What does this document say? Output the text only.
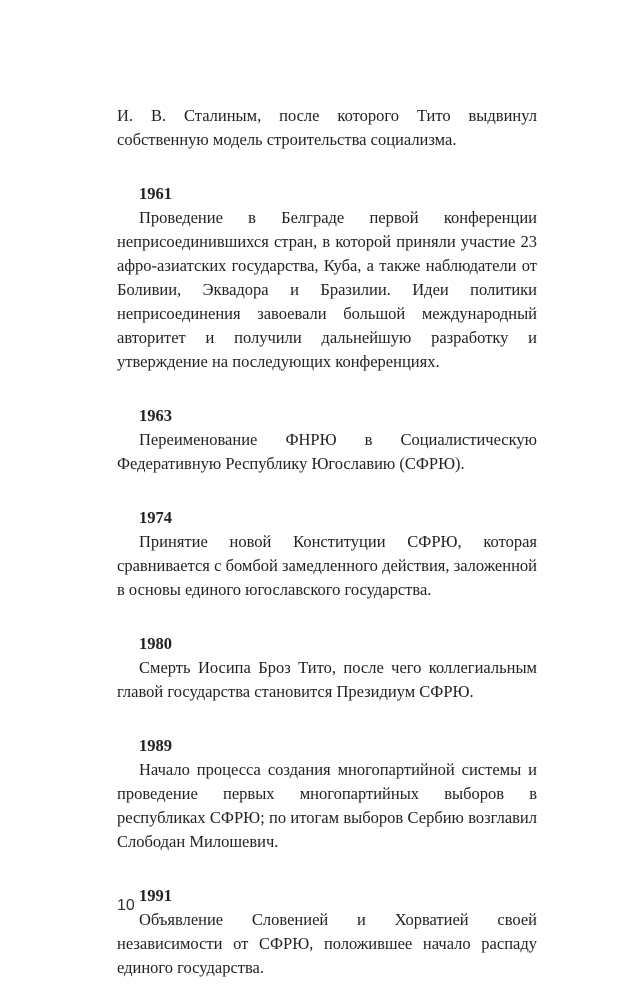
И. В. Сталиным, после которого Тито выдвинул собственную модель строительства социализма.

1961

Проведение в Белграде первой конференции неприсоединившихся стран, в которой приняли участие 23 афро-азиатских государства, Куба, а также наблюдатели от Боливии, Эквадора и Бразилии. Идеи политики неприсоединения завоевали большой международный авторитет и получили дальнейшую разработку и утверждение на последующих конференциях.

1963

Переименование ФНРЮ в Социалистическую Федеративную Республику Югославию (СФРЮ).

1974

Принятие новой Конституции СФРЮ, которая сравнивается с бомбой замедленного действия, заложенной в основы единого югославского государства.

1980

Смерть Иосипа Броз Тито, после чего коллегиальным главой государства становится Президиум СФРЮ.

1989

Начало процесса создания многопартийной системы и проведение первых многопартийных выборов в республиках СФРЮ; по итогам выборов Сербию возглавил Слободан Милошевич.

1991

Объявление Словенией и Хорватией своей независимости от СФРЮ, положившее начало распаду единого государства.

10
